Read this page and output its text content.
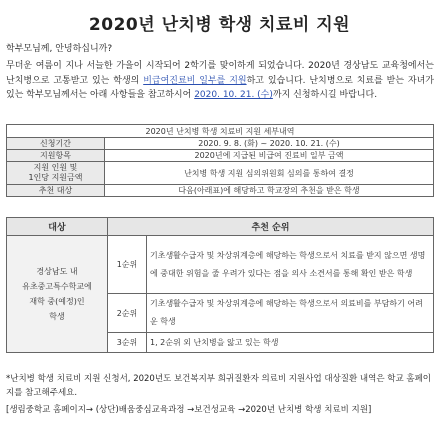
2020년 난치병 학생 치료비 지원
학부모님께, 안녕하십니까?
무더운 여름이 지나 서늘한 가을이 시작되어 2학기를 맞이하게 되었습니다. 2020년 경상남도 교육청에서는 난치병으로 고통받고 있는 학생의 비급여진료비 일부를 지원하고 있습니다. 난치병으로 치료를 받는 자녀가 있는 학부모님께서는 아래 사항들을 참고하시어 2020. 10. 21. (수)까지 신청하시길 바랍니다.
2020년 난치병 학생 치료비 지원 세부내역	
신청기간	2020. 9. 8. (화) ~ 2020. 10. 21. (수)
지원항목	2020년에 지급된 비급여 진료비 일부 금액
지원 인원 및
1인당 지원금액	난치병 학생 지원 심의위원회 심의를 통하여 결정
추천 대상	다음(아래표)에 해당하고 학교장의 추천을 받은 학생
대상	추천 순위	
경상남도 내
유초중고특수학교에
재학 중(예정)인
학생	1순위	기초생활수급자 및 차상위계층에 해당하는 학생으로서 치료를 받지 않으면 생명에 중대한 위험을 줄 우려가 있다는 점을 의사 소견서를 통해 확인 받은 학생
	2순위	기초생활수급자 및 차상위계층에 해당하는 학생으로서 의료비를 부담하기 어려운 학생
	3순위	1, 2순위 외 난치병을 앓고 있는 학생
*난치병 학생 치료비 지원 신청서, 2020년도 보건복지부 희귀질환자 의료비 지원사업 대상질환 내역은 학교 홈페이지를 참고해주세요.
[생림중학교 홈페이지→ (상단)배움중심교육과정 →보건성교육 →2020년 난치병 학생 치료비 지원]
